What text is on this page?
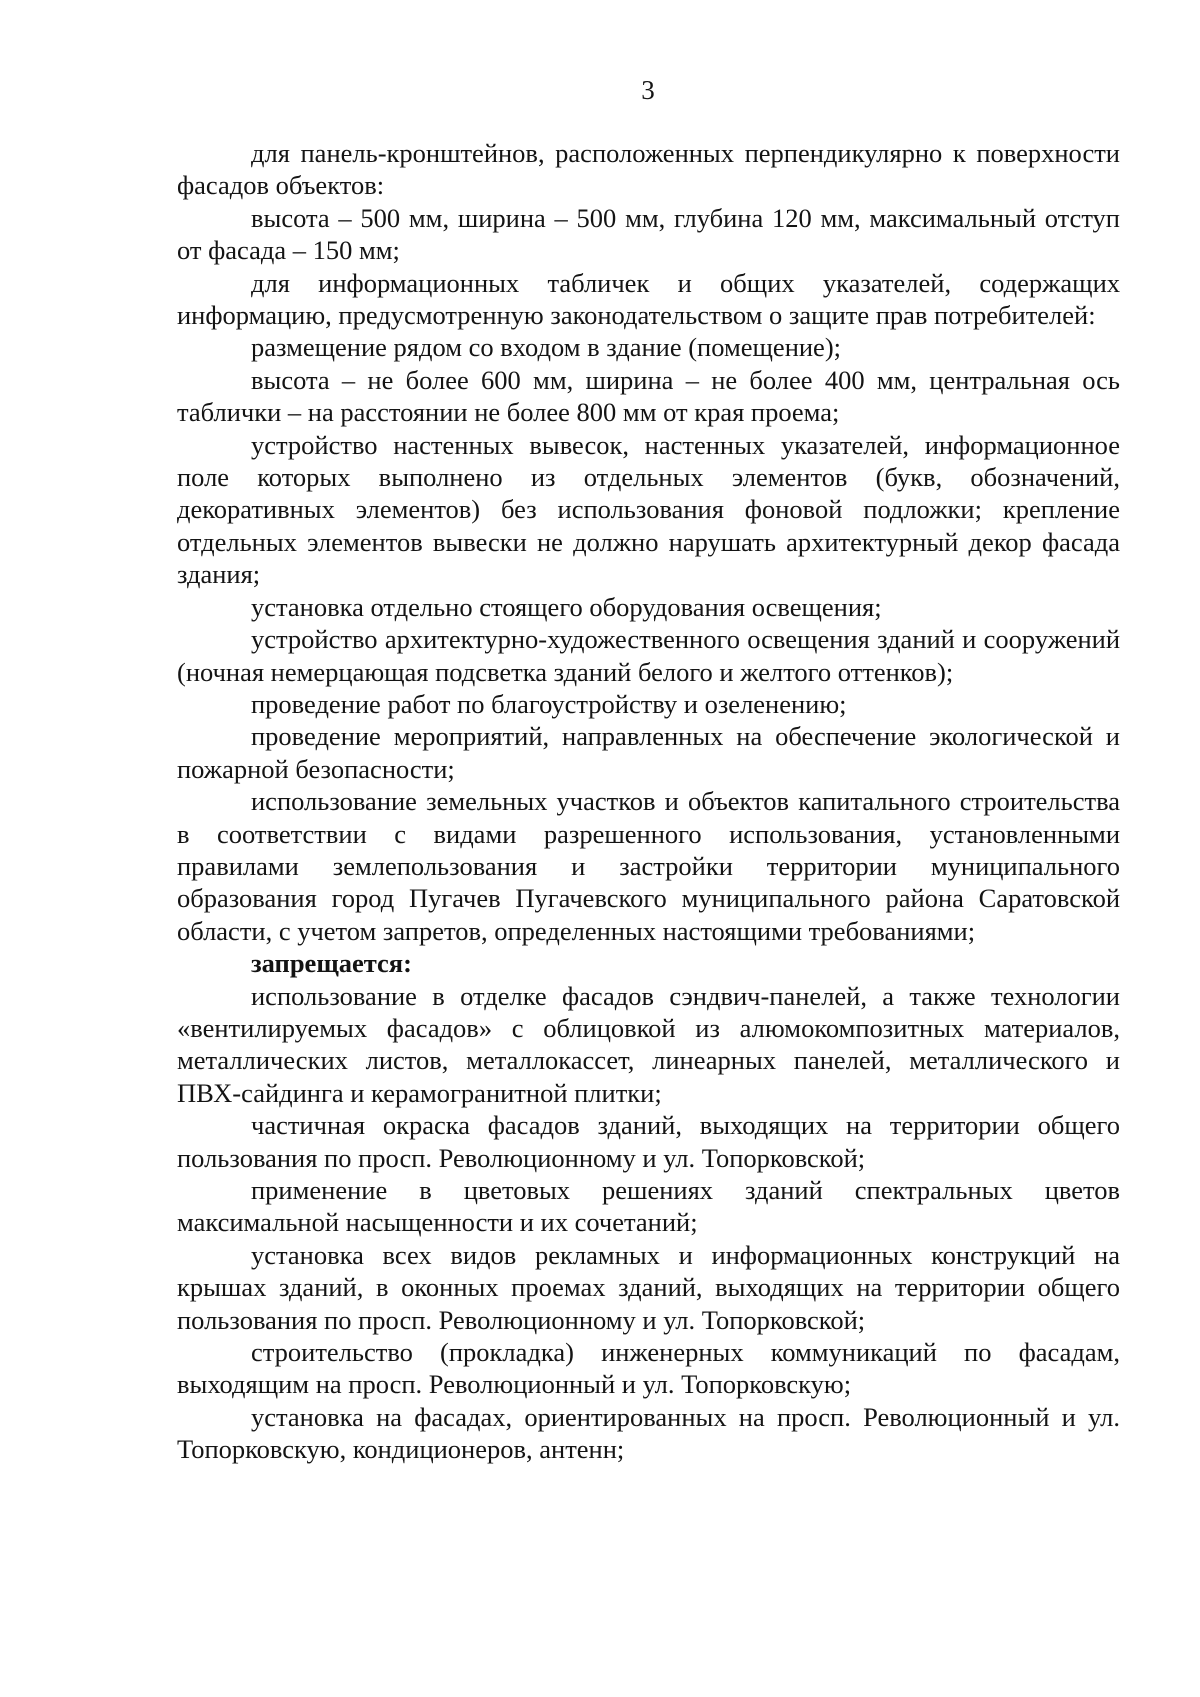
3

для панель-кронштейнов, расположенных перпендикулярно к поверхности фасадов объектов:

высота – 500 мм, ширина – 500 мм, глубина 120 мм, максимальный отступ от фасада – 150 мм;

для информационных табличек и общих указателей, содержащих информацию, предусмотренную законодательством о защите прав потребителей:

размещение рядом со входом в здание (помещение);

высота – не более 600 мм, ширина – не более 400 мм, центральная ось таблички – на расстоянии не более 800 мм от края проема;

устройство настенных вывесок, настенных указателей, информационное поле которых выполнено из отдельных элементов (букв, обозначений, декоративных элементов) без использования фоновой подложки; крепление отдельных элементов вывески не должно нарушать архитектурный декор фасада здания;

установка отдельно стоящего оборудования освещения;

устройство архитектурно-художественного освещения зданий и сооружений (ночная немерцающая подсветка зданий белого и желтого оттенков);

проведение работ по благоустройству и озеленению;

проведение мероприятий, направленных на обеспечение экологической и пожарной безопасности;

использование земельных участков и объектов капитального строительства в соответствии с видами разрешенного использования, установленными правилами землепользования и застройки территории муниципального образования город Пугачев Пугачевского муниципального района Саратовской области, с учетом запретов, определенных настоящими требованиями;

запрещается:

использование в отделке фасадов сэндвич-панелей, а также технологии «вентилируемых фасадов» с облицовкой из алюмокомпозитных материалов, металлических листов, металлокассет, линеарных панелей, металлического и ПВХ-сайдинга и керамогранитной плитки;

частичная окраска фасадов зданий, выходящих на территории общего пользования по просп. Революционному и ул. Топорковской;

применение в цветовых решениях зданий спектральных цветов максимальной насыщенности и их сочетаний;

установка всех видов рекламных и информационных конструкций на крышах зданий, в оконных проемах зданий, выходящих на территории общего пользования по просп. Революционному и ул. Топорковской;

строительство (прокладка) инженерных коммуникаций по фасадам, выходящим на просп. Революционный и ул. Топорковскую;

установка на фасадах, ориентированных на просп. Революционный и ул. Топорковскую, кондиционеров, антенн;
